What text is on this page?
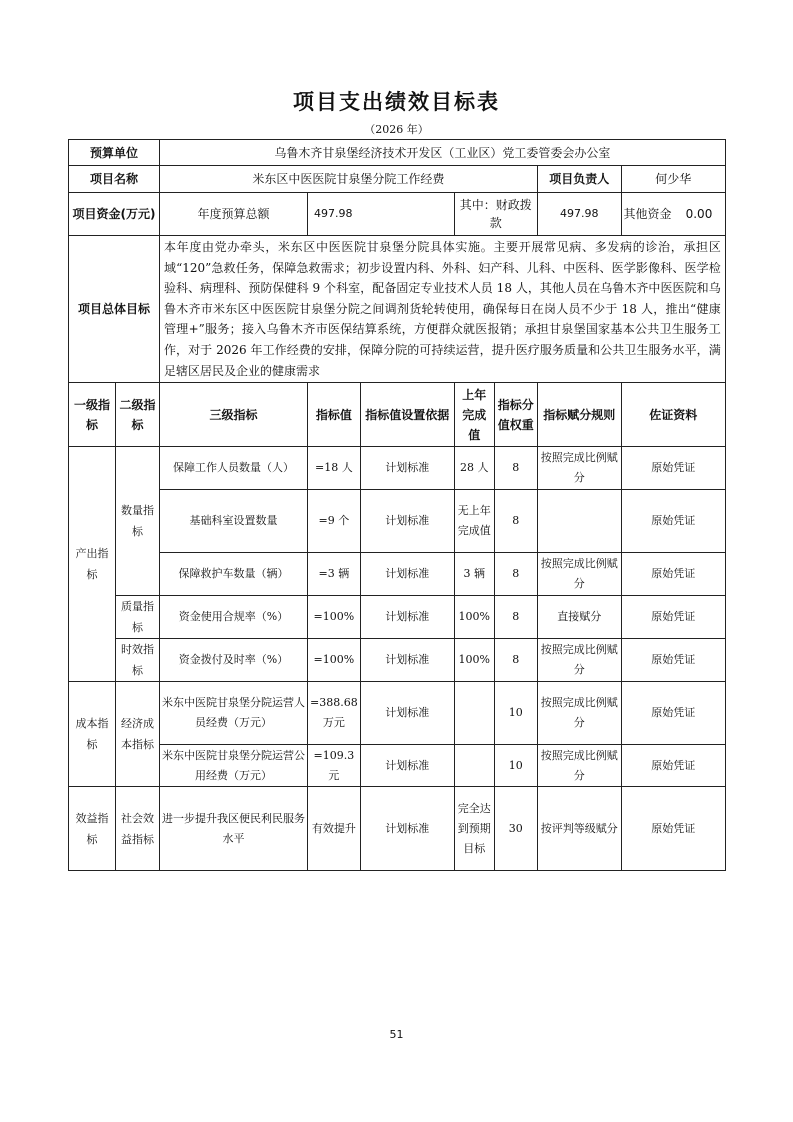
项目支出绩效目标表
（2026 年）
预算单位		乌鲁木齐甘泉堡经济技术开发区（工业区）党工委管委会办公室						
项目名称		米东区中医医院甘泉堡分院工作经费					项目负责人	何少华
项目资金(万元)		年度预算总额	497.98		其中：财政拨款		497.98	其他资金 0.00

项目总体目标		本年度由党办牵头，米东区中医医院甘泉堡分院具体实施。主要开展常见病、多发病的诊治，承担区域“120”急救任务，保障急救需求；初步设置内科、外科、妇产科、儿科、中医科、医学影像科、医学检验科、病理科、预防保健科 9 个科室，配备固定专业技术人员 18 人，其他人员在乌鲁木齐中医医院和乌鲁木齐市米东区中医医院甘泉堡分院之间调剂货轮转使用，确保每日在岗人员不少于 18 人，推出“健康管理+”服务；接入乌鲁木齐市医保结算系统，方便群众就医报销；承担甘泉堡国家基本公共卫生服务工作，对于 2026 年工作经费的安排，保障分院的可持续运营，提升医疗服务质量和公共卫生服务水平，满足辖区居民及企业的健康需求						
一级指标	二级指标	三级指标	指标值	指标值设置依据	上年完成值	指标分值权重	指标赋分规则	佐证资料
产出指标	数量指标	保障工作人员数量（人）	=18 人	计划标准	28 人	8	按照完成比例赋分	原始凭证
		基础科室设置数量	=9 个	计划标准	无上年完成值	8		原始凭证
		保障救护车数量（辆）	=3 辆	计划标准	3 辆	8	按照完成比例赋分	原始凭证
	质量指标	资金使用合规率（%）	=100%	计划标准	100%	8	直接赋分	原始凭证
	时效指标	资金拨付及时率（%）	=100%	计划标准	100%	8	按照完成比例赋分	原始凭证
成本指标	经济成本指标	米东中医院甘泉堡分院运营人员经费（万元）	=388.68 万元	计划标准		10	按照完成比例赋分	原始凭证
		米东中医院甘泉堡分院运营公用经费（万元）	=109.3 元	计划标准		10	按照完成比例赋分	原始凭证
效益指标	社会效益指标	进一步提升我区便民利民服务水平	有效提升	计划标准	完全达到预期目标	30	按评判等级赋分	原始凭证
51
